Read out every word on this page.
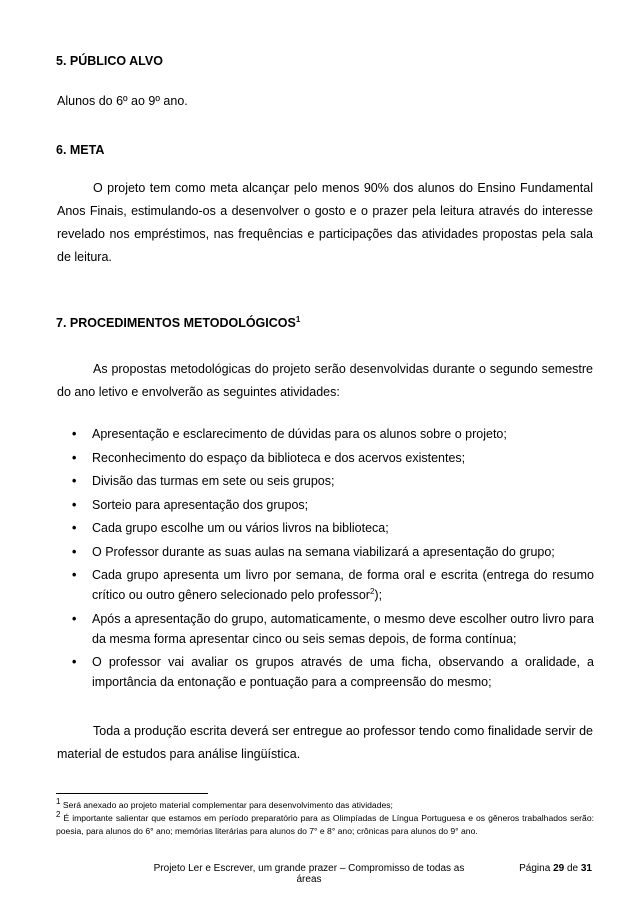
5. PÚBLICO ALVO
Alunos do 6º ao 9º ano.
6. META

O projeto tem como meta alcançar pelo menos 90% dos alunos do Ensino Fundamental Anos Finais, estimulando-os a desenvolver o gosto e o prazer pela leitura através do interesse revelado nos empréstimos, nas frequências e participações das atividades propostas pela sala de leitura.

7. PROCEDIMENTOS METODOLÓGICOS$^1$

As propostas metodológicas do projeto serão desenvolvidas durante o segundo semestre do ano letivo e envolverão as seguintes atividades:

• Apresentação e esclarecimento de dúvidas para os alunos sobre o projeto;
• Reconhecimento do espaço da biblioteca e dos acervos existentes;
• Divisão das turmas em sete ou seis grupos;
• Sorteio para apresentação dos grupos;
• Cada grupo escolhe um ou vários livros na biblioteca;
• O Professor durante as suas aulas na semana viabilizará a apresentação do grupo;
• Cada grupo apresenta um livro por semana, de forma oral e escrita (entrega do resumo crítico ou outro gênero selecionado pelo professor$^2$);
• Após a apresentação do grupo, automaticamente, o mesmo deve escolher outro livro para da mesma forma apresentar cinco ou seis semas depois, de forma contínua;
• O professor vai avaliar os grupos através de uma ficha, observando a oralidade, a importância da entonação e pontuação para a compreensão do mesmo;

Toda a produção escrita deverá ser entregue ao professor tendo como finalidade servir de material de estudos para análise lingüística.

$^1$ Será anexado ao projeto material complementar para desenvolvimento das atividades;

$^2$ É importante salientar que estamos em período preparatório para as Olimpíadas de Língua Portuguesa e os gêneros trabalhados serão: poesia, para alunos do 6° ano; memórias literárias para alunos do 7° e 8° ano; crônicas para alunos do 9° ano.

Projeto Ler e Escrever, um grande prazer – Compromisso de todas as áreas
Página 29 de 31
